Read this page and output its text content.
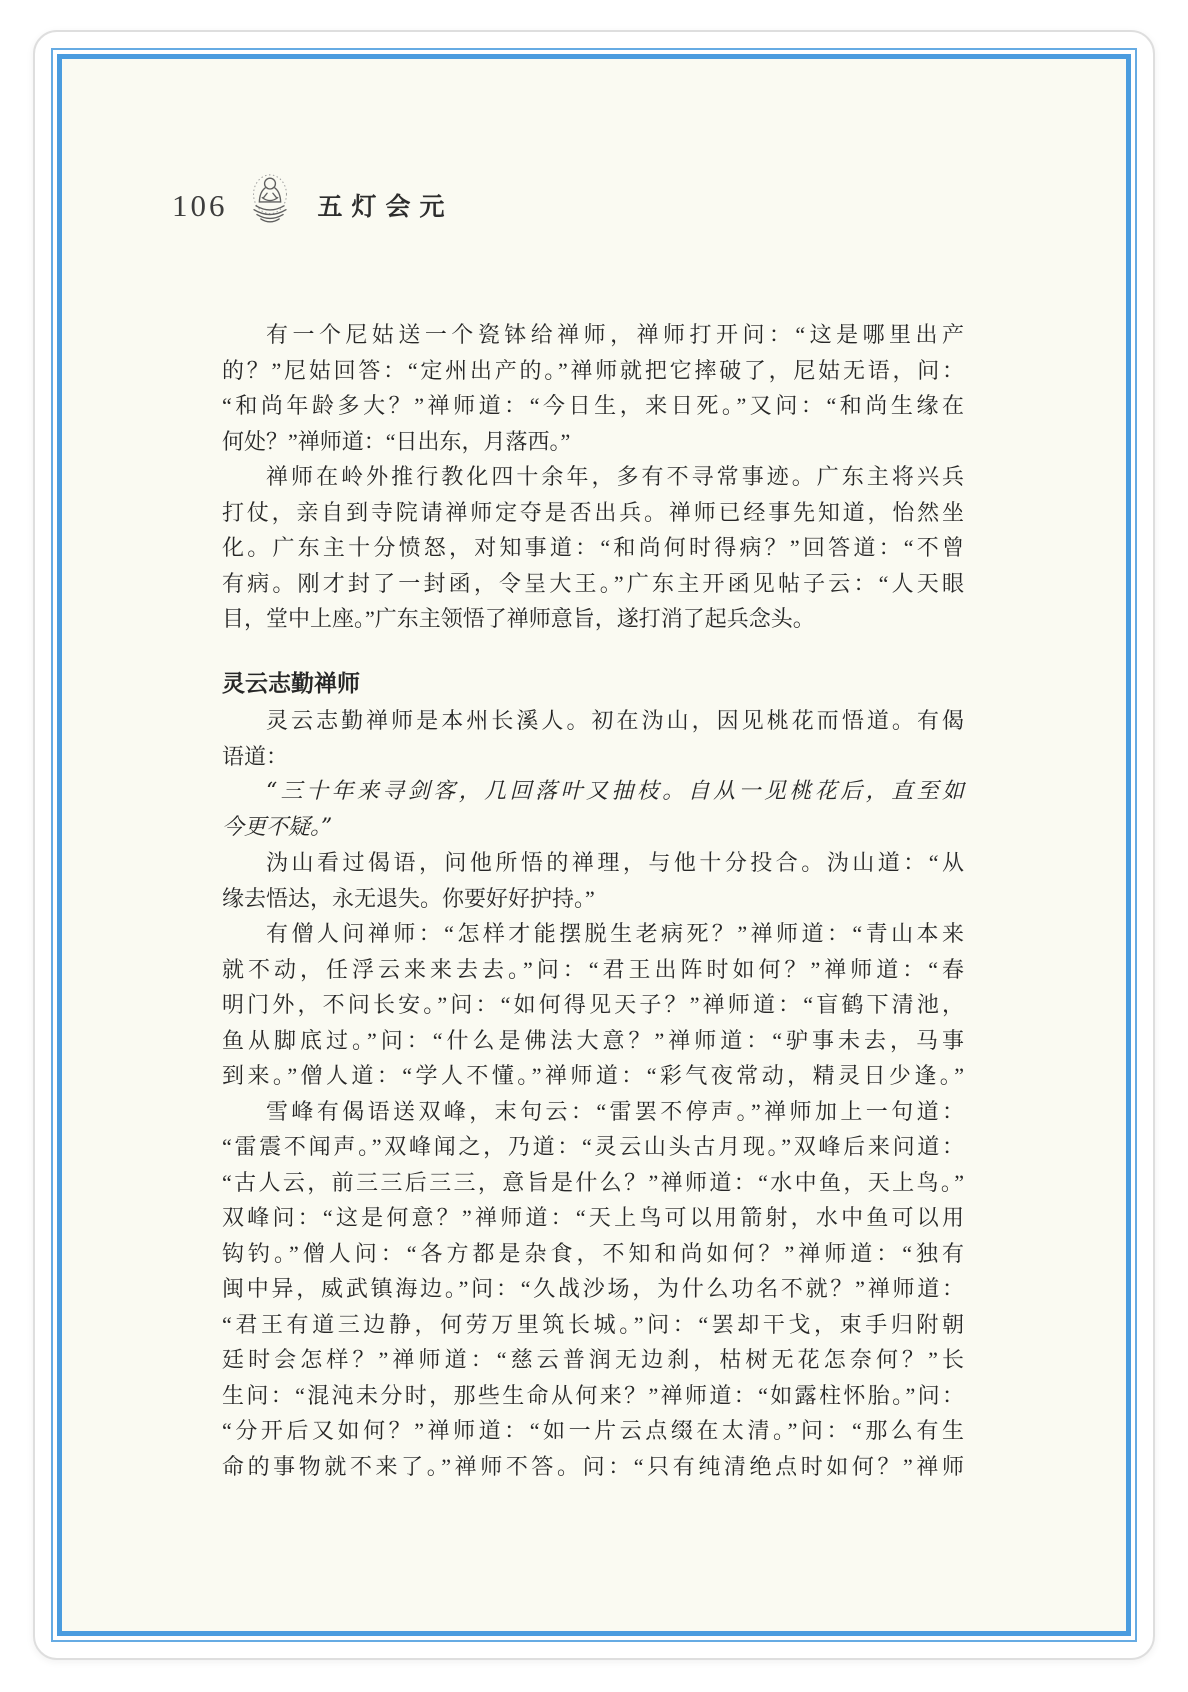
106	五灯会元
有一个尼姑送一个瓷钵给禅师，禅师打开问：“这是哪里出产
的？”尼姑回答：“定州出产的。”禅师就把它摔破了，尼姑无语，问：
“和尚年龄多大？”禅师道：“今日生，来日死。”又问：“和尚生缘在
何处？”禅师道：“日出东，月落西。”
禅师在岭外推行教化四十余年，多有不寻常事迹。广东主将兴兵
打仗，亲自到寺院请禅师定夺是否出兵。禅师已经事先知道，怡然坐
化。广东主十分愤怒，对知事道：“和尚何时得病？”回答道：“不曾
有病。刚才封了一封函，令呈大王。”广东主开函见帖子云：“人天眼
目，堂中上座。”广东主领悟了禅师意旨，遂打消了起兵念头。
灵云志勤禅师
灵云志勤禅师是本州长溪人。初在沩山，因见桃花而悟道。有偈
语道：
“三十年来寻剑客，几回落叶又抽枝。自从一见桃花后，直至如
今更不疑。”
沩山看过偈语，问他所悟的禅理，与他十分投合。沩山道：“从
缘去悟达，永无退失。你要好好护持。”
有僧人问禅师：“怎样才能摆脱生老病死？”禅师道：“青山本来
就不动，任浮云来来去去。”问：“君王出阵时如何？”禅师道：“春
明门外，不问长安。”问：“如何得见天子？”禅师道：“盲鹤下清池，
鱼从脚底过。”问：“什么是佛法大意？”禅师道：“驴事未去，马事
到来。”僧人道：“学人不懂。”禅师道：“彩气夜常动，精灵日少逢。”
雪峰有偈语送双峰，末句云：“雷罢不停声。”禅师加上一句道：
“雷震不闻声。”双峰闻之，乃道：“灵云山头古月现。”双峰后来问道：
“古人云，前三三后三三，意旨是什么？”禅师道：“水中鱼，天上鸟。”
双峰问：“这是何意？”禅师道：“天上鸟可以用箭射，水中鱼可以用
钩钓。”僧人问：“各方都是杂食，不知和尚如何？”禅师道：“独有
闽中异，威武镇海边。”问：“久战沙场，为什么功名不就？”禅师道：
“君王有道三边静，何劳万里筑长城。”问：“罢却干戈，束手归附朝
廷时会怎样？”禅师道：“慈云普润无边刹，枯树无花怎奈何？”长
生问：“混沌未分时，那些生命从何来？”禅师道：“如露柱怀胎。”问：
“分开后又如何？”禅师道：“如一片云点缀在太清。”问：“那么有生
命的事物就不来了。”禅师不答。问：“只有纯清绝点时如何？”禅师
